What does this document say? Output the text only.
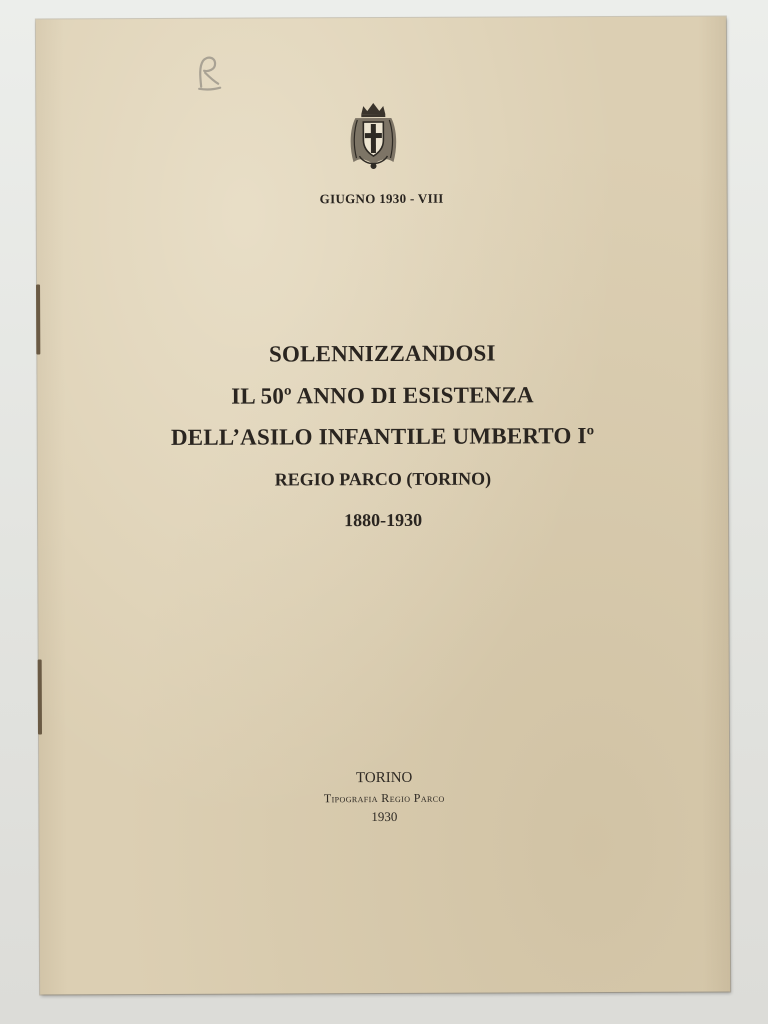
GIUGNO 1930 - VIII
SOLENNIZZANDOSI
IL 50º ANNO DI ESISTENZA
DELL’ASILO INFANTILE UMBERTO Iº
REGIO PARCO (TORINO)
1880-1930
TORINO
Tipografia Regio Parco
1930
